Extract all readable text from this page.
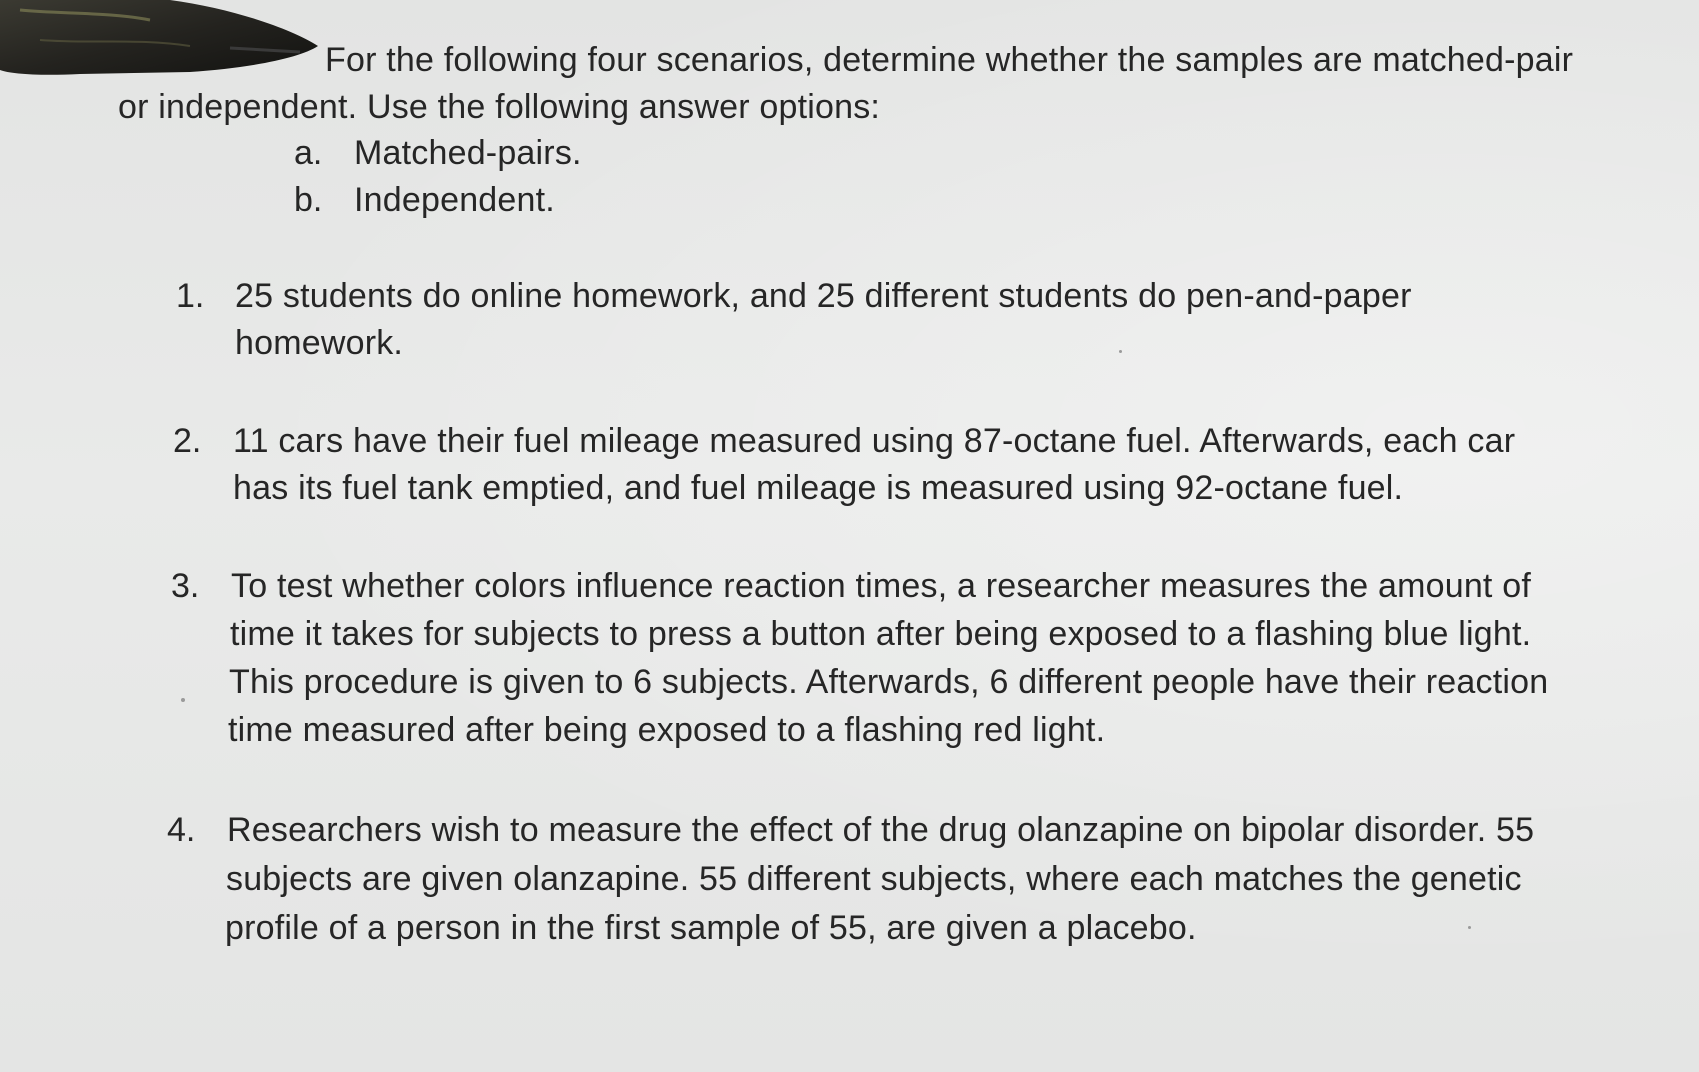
For the following four scenarios, determine whether the samples are matched-pair
or independent. Use the following answer options:
a. Matched-pairs.
b. Independent.
1. 25 students do online homework, and 25 different students do pen-and-paper
homework.
2. 11 cars have their fuel mileage measured using 87-octane fuel. Afterwards, each car
has its fuel tank emptied, and fuel mileage is measured using 92-octane fuel.
3. To test whether colors influence reaction times, a researcher measures the amount of
time it takes for subjects to press a button after being exposed to a flashing blue light.
This procedure is given to 6 subjects. Afterwards, 6 different people have their reaction
time measured after being exposed to a flashing red light.
4. Researchers wish to measure the effect of the drug olanzapine on bipolar disorder. 55
subjects are given olanzapine. 55 different subjects, where each matches the genetic
profile of a person in the first sample of 55, are given a placebo.
